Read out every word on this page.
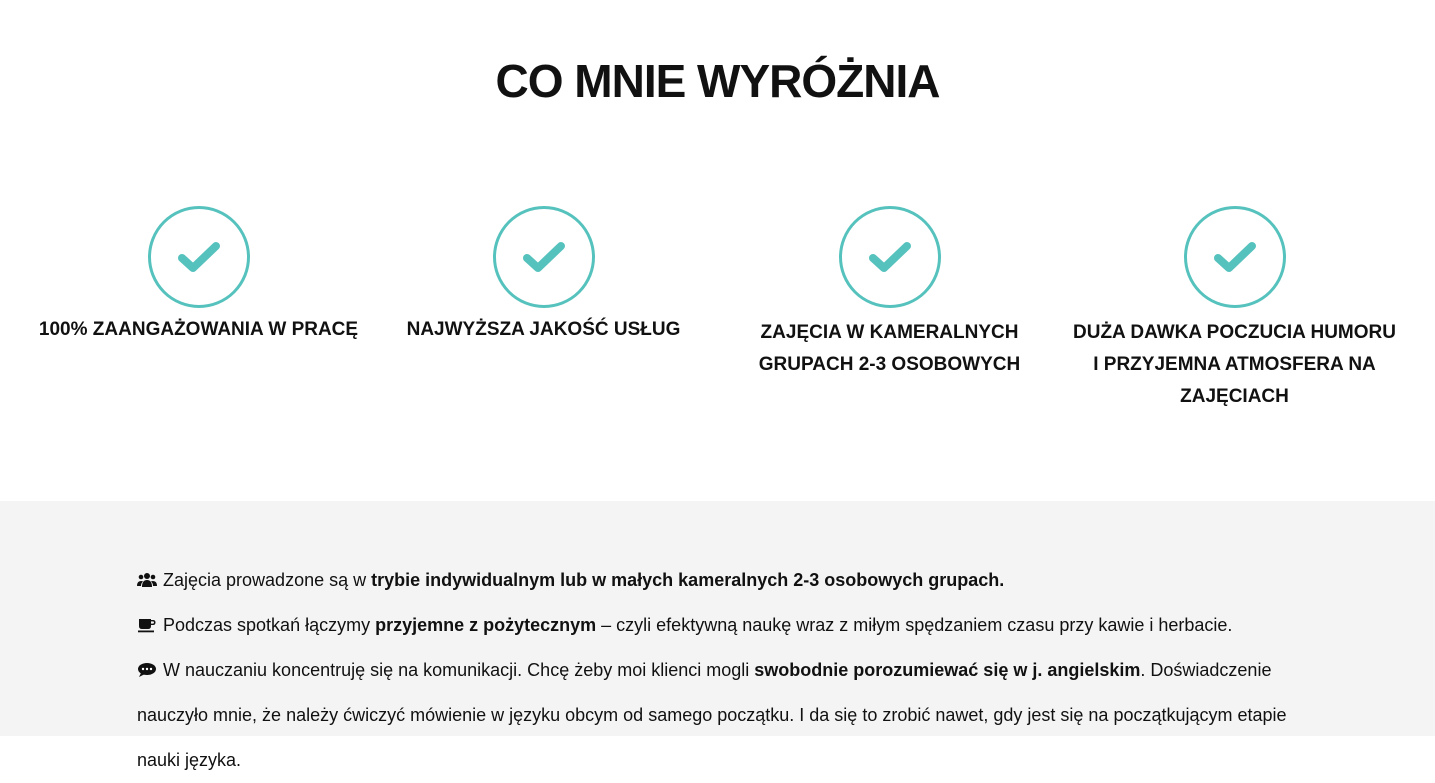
CO MNIE WYRÓŻNIA
100% ZAANGAŻOWANIA W PRACĘ	NAJWYŻSZA JAKOŚĆ USŁUG	ZAJĘCIA W KAMERALNYCH GRUPACH 2-3 OSOBOWYCH
DUŻA DAWKA POCZUCIA HUMORU I PRZYJEMNA ATMOSFERA NA ZAJĘCIACH
Zajęcia prowadzone są w trybie indywidualnym lub w małych kameralnych 2-3 osobowych grupach.
Podczas spotkań łączymy przyjemne z pożytecznym – czyli efektywną naukę wraz z miłym spędzaniem czasu przy kawie i herbacie.
W nauczaniu koncentruję się na komunikacji. Chcę żeby moi klienci mogli swobodnie porozumiewać się w j. angielskim. Doświadczenie nauczyło mnie, że należy ćwiczyć mówienie w języku obcym od samego początku. I da się to zrobić nawet, gdy jest się na początkującym etapie nauki języka.
